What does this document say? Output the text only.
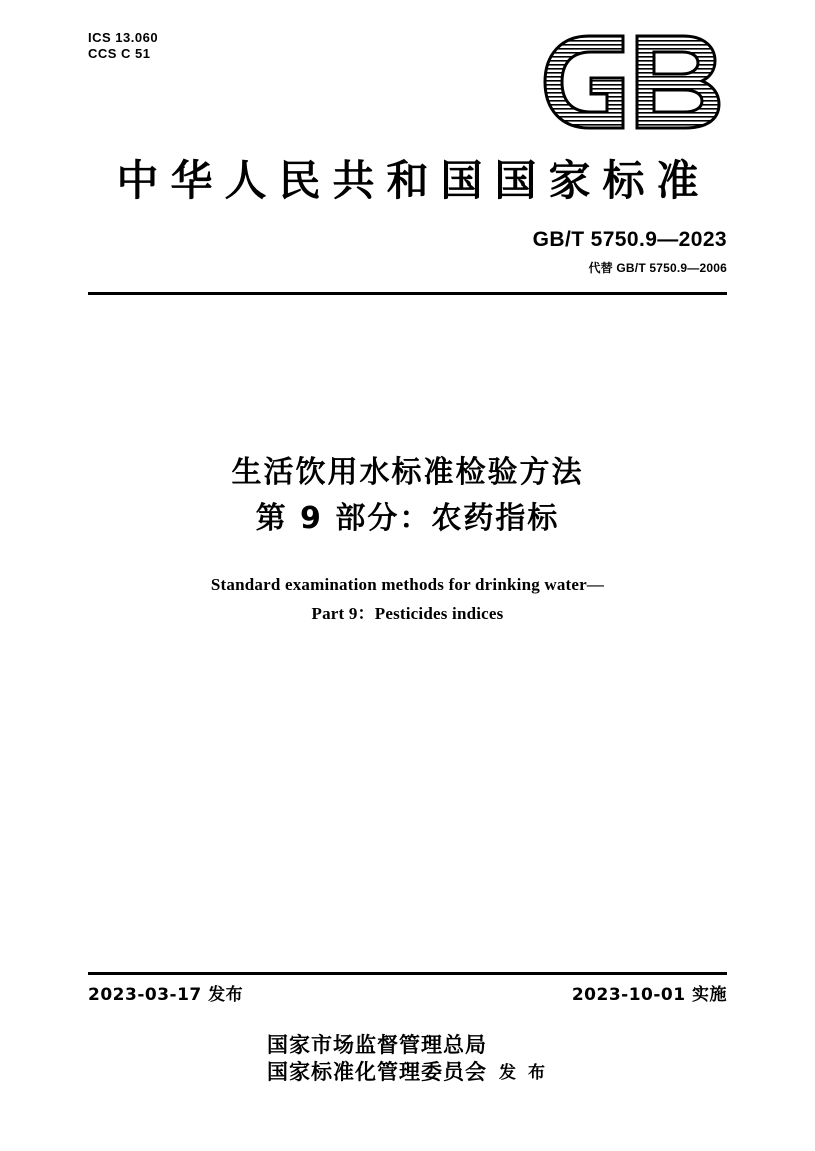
ICS 13.060
CCS C 51
中华人民共和国国家标准
GB/T 5750.9—2023
代替 GB/T 5750.9—2006
生活饮用水标准检验方法
第 9 部分：农药指标
Standard examination methods for drinking water—
Part 9：Pesticides indices
2023-03-17 发布	2023-10-01 实施
国家市场监督管理总局
国家标准化管理委员会 发 布
